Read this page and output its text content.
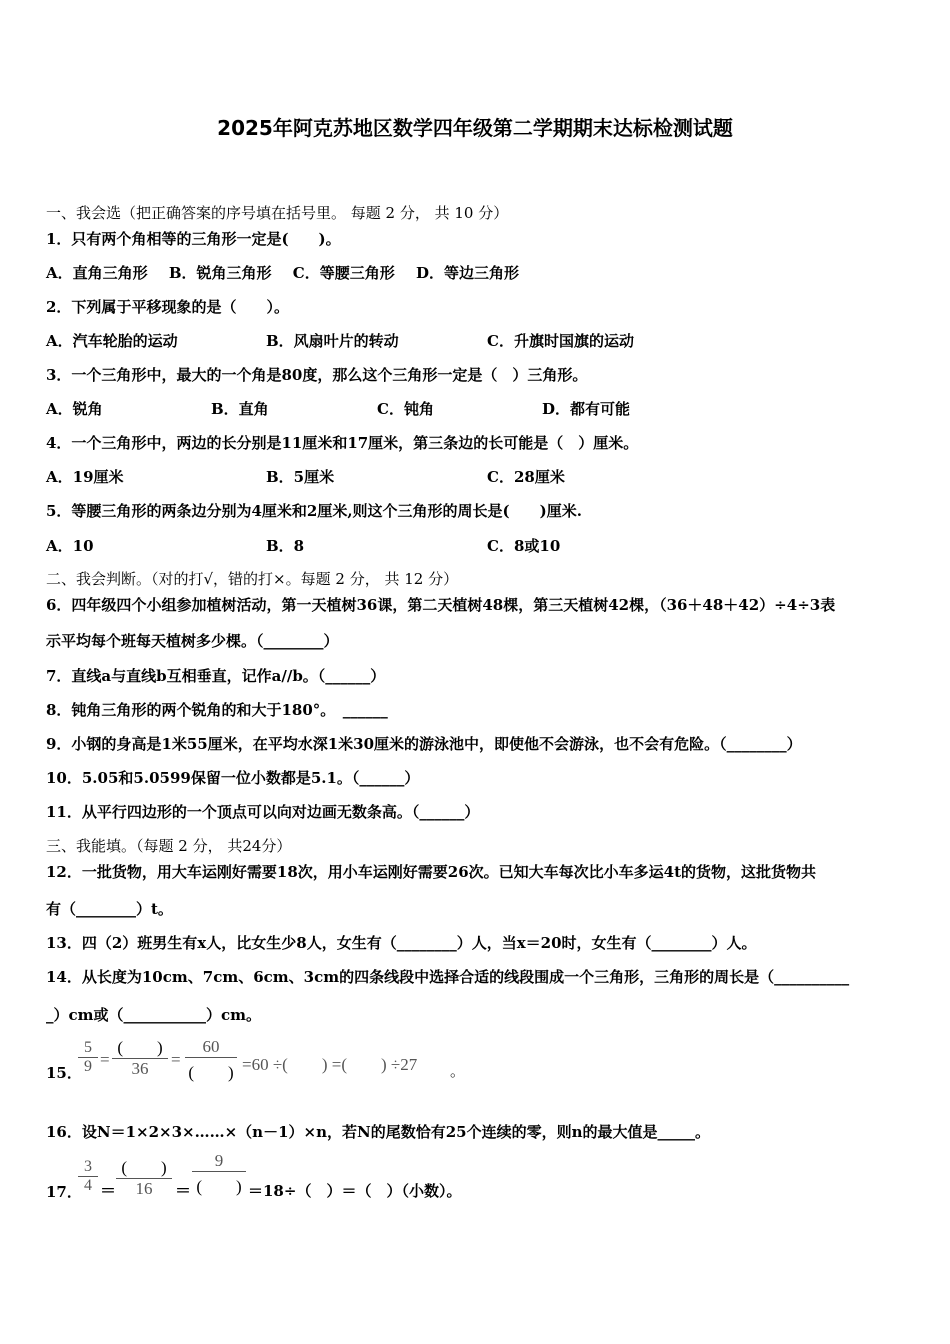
2025年阿克苏地区数学四年级第二学期期末达标检测试题
一、我会选（把正确答案的序号填在括号里。 每题 2 分， 共 10 分）
1．只有两个角相等的三角形一定是(　　)。
A．直角三角形 B．锐角三角形 C．等腰三角形 D．等边三角形
2．下列属于平移现象的是（　　）。
A．汽车轮胎的运动	B．风扇叶片的转动	C．升旗时国旗的运动
3．一个三角形中，最大的一个角是80度，那么这个三角形一定是（　）三角形。
A．锐角	B．直角	C．钝角	D．都有可能
4．一个三角形中，两边的长分别是11厘米和17厘米，第三条边的长可能是（　）厘米。
A．19厘米	B．5厘米	C．28厘米
5．等腰三角形的两条边分别为4厘米和2厘米,则这个三角形的周长是(　　)厘米.
A．10	B．8	C．8或10
二、我会判断。（对的打√，错的打×。每题 2 分， 共 12 分）
6．四年级四个小组参加植树活动，第一天植树36课，第二天植树48棵，第三天植树42棵，（36＋48＋42）÷4÷3表
示平均每个班每天植树多少棵。（________）
7．直线a与直线b互相垂直，记作a//b。（______）
8．钝角三角形的两个锐角的和大于180°。　______
9．小钢的身高是1米55厘米，在平均水深1米30厘米的游泳池中，即使他不会游泳，也不会有危险。（________）
10．5.05和5.0599保留一位小数都是5.1。（______）
11．从平行四边形的一个顶点可以向对边画无数条高。（______）
三、我能填。（每题 2 分， 共24分）
12．一批货物，用大车运刚好需要18次，用小车运刚好需要26次。已知大车每次比小车多运4t的货物，这批货物共
有（________）t。
13．四（2）班男生有x人，比女生少8人，女生有（________）人，当x＝20时，女生有（________）人。
14．从长度为10cm、7cm、6cm、3cm的四条线段中选择合适的线段围成一个三角形，三角形的周长是（__________
_）cm或（___________）cm。
15．
5
9 =
(　　)
36	=
60
(　　) =60 ÷(　　) =(　　) ÷27 。
16．设N＝1×2×3×……×（n－1）×n，若N的尾数恰有25个连续的零，则n的最大值是_____。
17．
3
4 ＝
(　　)
16	＝
9
(　　) ＝18÷（　）＝（　）（小数）。
